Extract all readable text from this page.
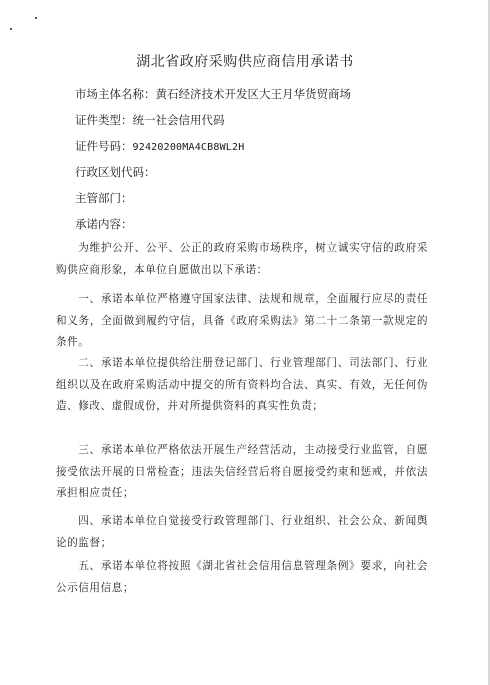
湖北省政府采购供应商信用承诺书
市场主体名称：黄石经济技术开发区大王月华货贸商场
证件类型：统一社会信用代码
证件号码：92420200MA4CB8WL2H
行政区划代码：
主管部门：
承诺内容：

为维护公开、公平、公正的政府采购市场秩序，树立诚实守信的政府采购供应商形象，本单位自愿做出以下承诺：

一、承诺本单位严格遵守国家法律、法规和规章，全面履行应尽的责任和义务，全面做到履约守信，具备《政府采购法》第二十二条第一款规定的条件。

二、承诺本单位提供给注册登记部门、行业管理部门、司法部门、行业组织以及在政府采购活动中提交的所有资料均合法、真实、有效，无任何伪造、修改、虚假成份，并对所提供资料的真实性负责；

三、承诺本单位严格依法开展生产经营活动，主动接受行业监管，自愿接受依法开展的日常检查；违法失信经营后将自愿接受约束和惩戒，并依法承担相应责任；

四、承诺本单位自觉接受行政管理部门、行业组织、社会公众、新闻舆论的监督；

五、承诺本单位将按照《湖北省社会信用信息管理条例》要求，向社会公示信用信息；
